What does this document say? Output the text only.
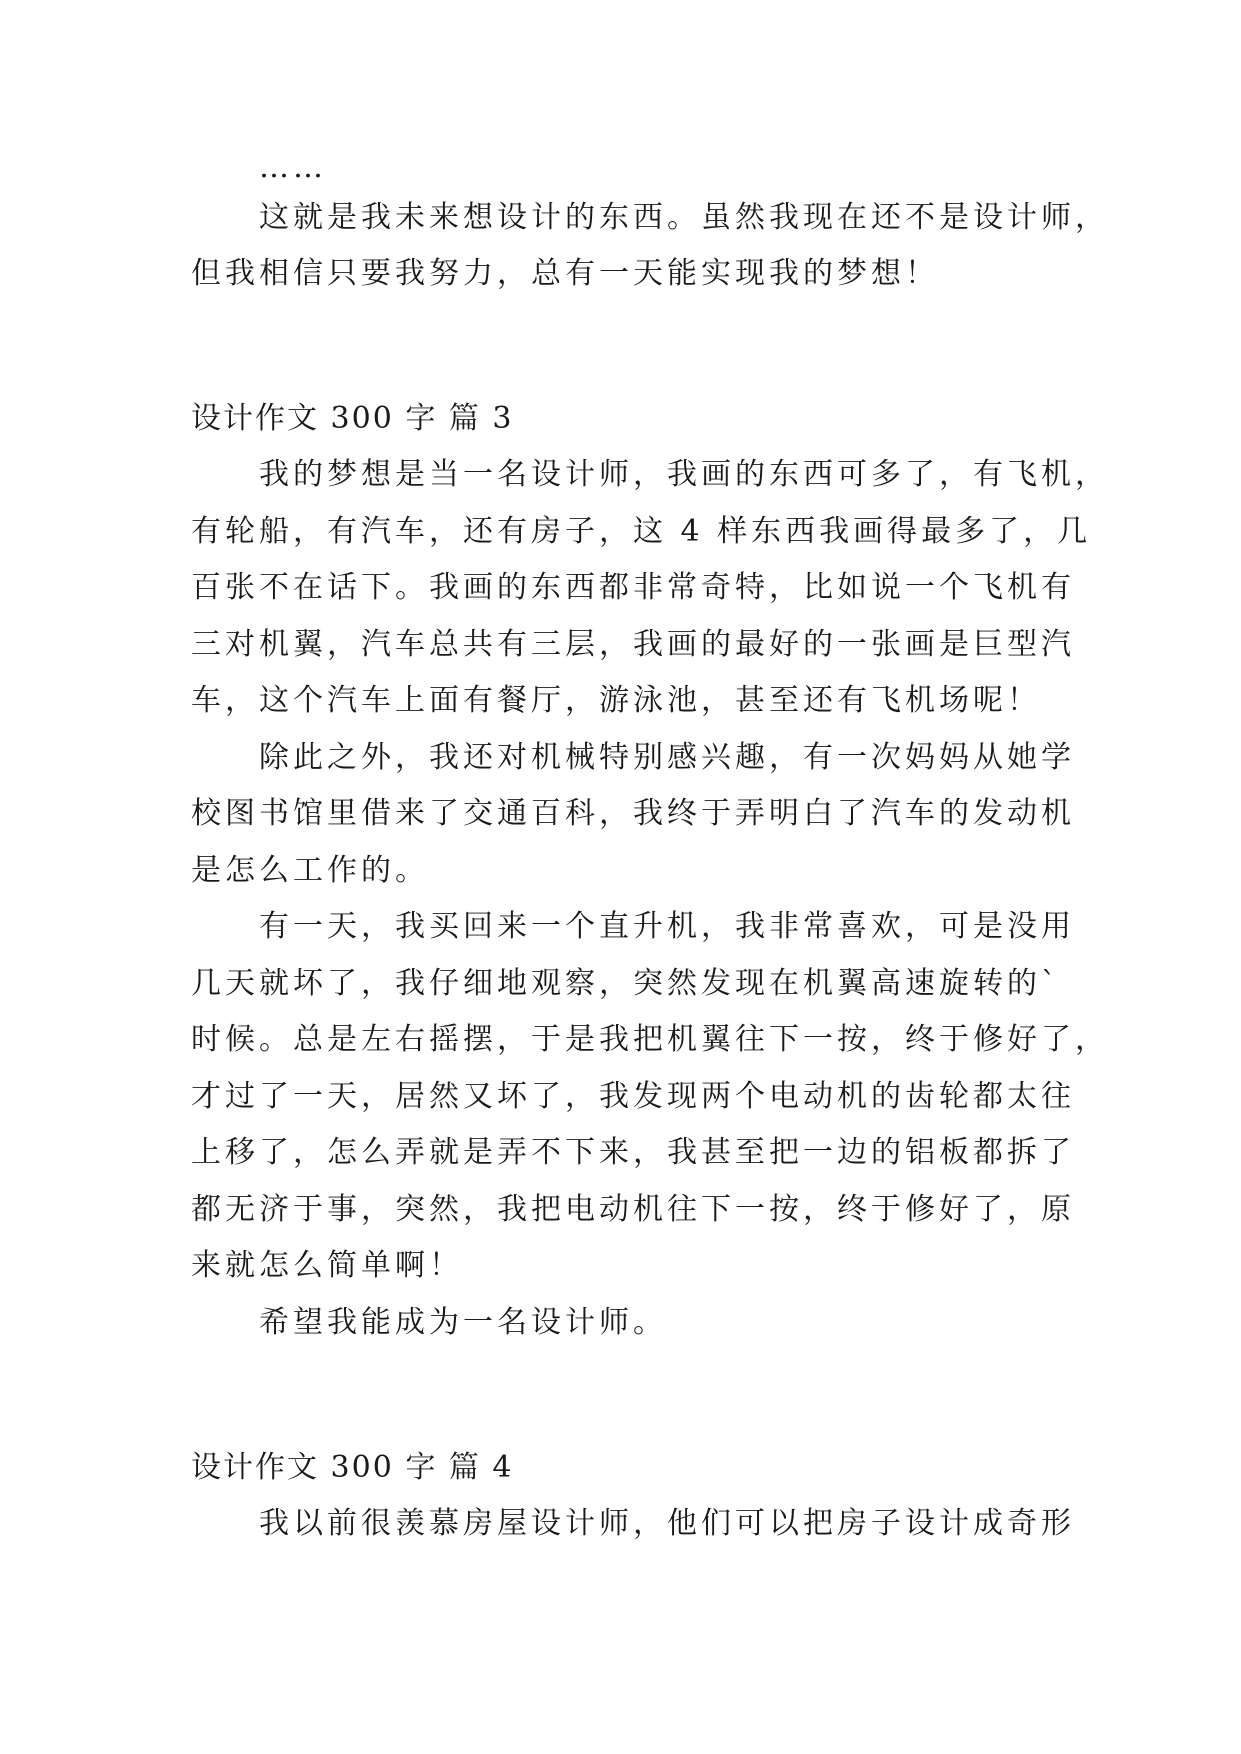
……
这就是我未来想设计的东西。虽然我现在还不是设计师，
但我相信只要我努力，总有一天能实现我的梦想！
设计作文 300 字 篇 3
我的梦想是当一名设计师，我画的东西可多了，有飞机，
有轮船，有汽车，还有房子，这 4 样东西我画得最多了，几
百张不在话下。我画的东西都非常奇特，比如说一个飞机有
三对机翼，汽车总共有三层，我画的最好的一张画是巨型汽
车，这个汽车上面有餐厅，游泳池，甚至还有飞机场呢！
除此之外，我还对机械特别感兴趣，有一次妈妈从她学
校图书馆里借来了交通百科，我终于弄明白了汽车的发动机
是怎么工作的。
有一天，我买回来一个直升机，我非常喜欢，可是没用
几天就坏了，我仔细地观察，突然发现在机翼高速旋转的`
时候。总是左右摇摆，于是我把机翼往下一按，终于修好了，
才过了一天，居然又坏了，我发现两个电动机的齿轮都太往
上移了，怎么弄就是弄不下来，我甚至把一边的铝板都拆了
都无济于事，突然，我把电动机往下一按，终于修好了，原
来就怎么简单啊！
希望我能成为一名设计师。
设计作文 300 字 篇 4
我以前很羡慕房屋设计师，他们可以把房子设计成奇形
